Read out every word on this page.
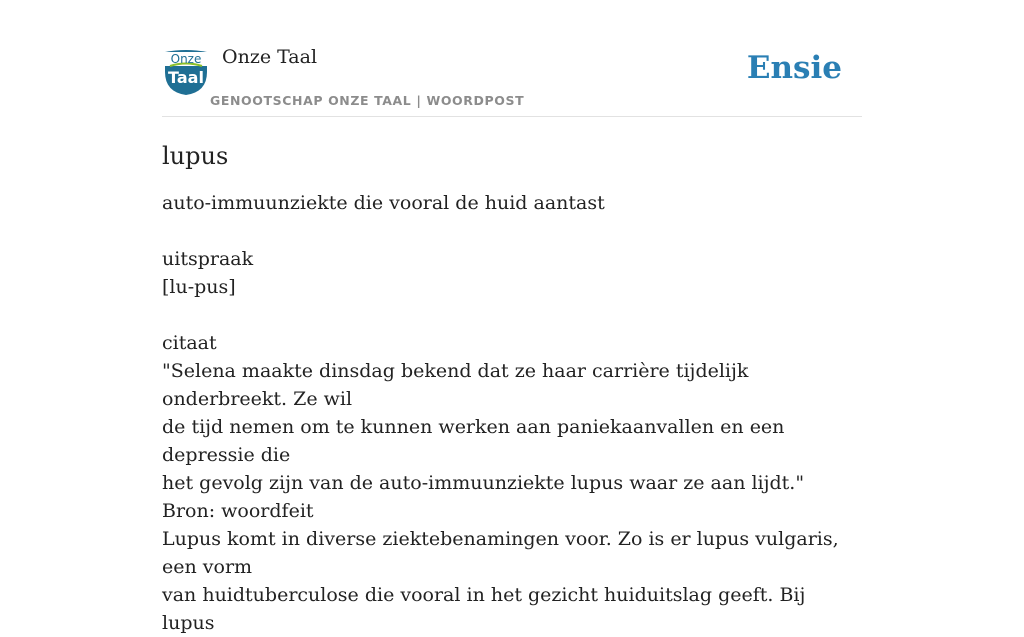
Onze
Taal
Onze Taal
GENOOTSCHAP ONZE TAAL | WOORDPOST
Ensie
lupus
auto-immuunziekte die vooral de huid aantast
uitspraak
[lu-pus]
citaat
"Selena maakte dinsdag bekend dat ze haar carrière tijdelijk onderbreekt. Ze wil
de tijd nemen om te kunnen werken aan paniekaanvallen en een depressie die
het gevolg zijn van de auto-immuunziekte lupus waar ze aan lijdt."
Bron: woordfeit
Lupus komt in diverse ziektebenamingen voor. Zo is er lupus vulgaris, een vorm
van huidtuberculose die vooral in het gezicht huiduitslag geeft. Bij lupus
